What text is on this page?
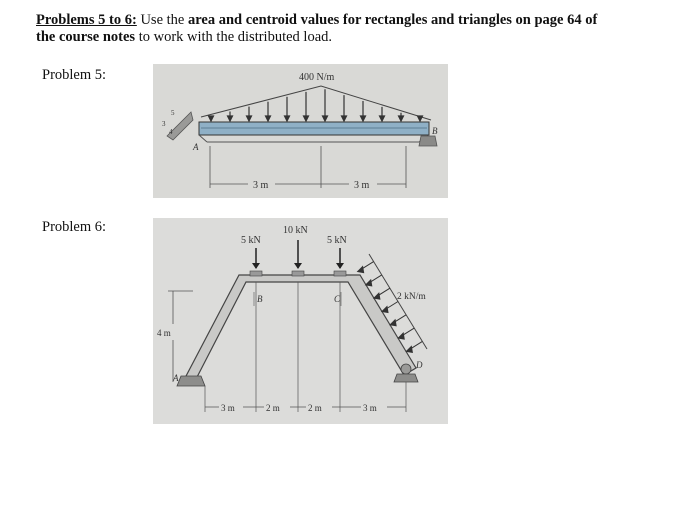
Problems 5 to 6: Use the area and centroid values for rectangles and triangles on page 64 of
the course notes to work with the distributed load.
Problem 5:	400 N/m
A
3
4
5
B
3 m	3 m
Problem 6:
5 kN
10 kN
5 kN
2 kN/m
B	C
A
D
4 m
3 m	2 m	2 m	3 m
